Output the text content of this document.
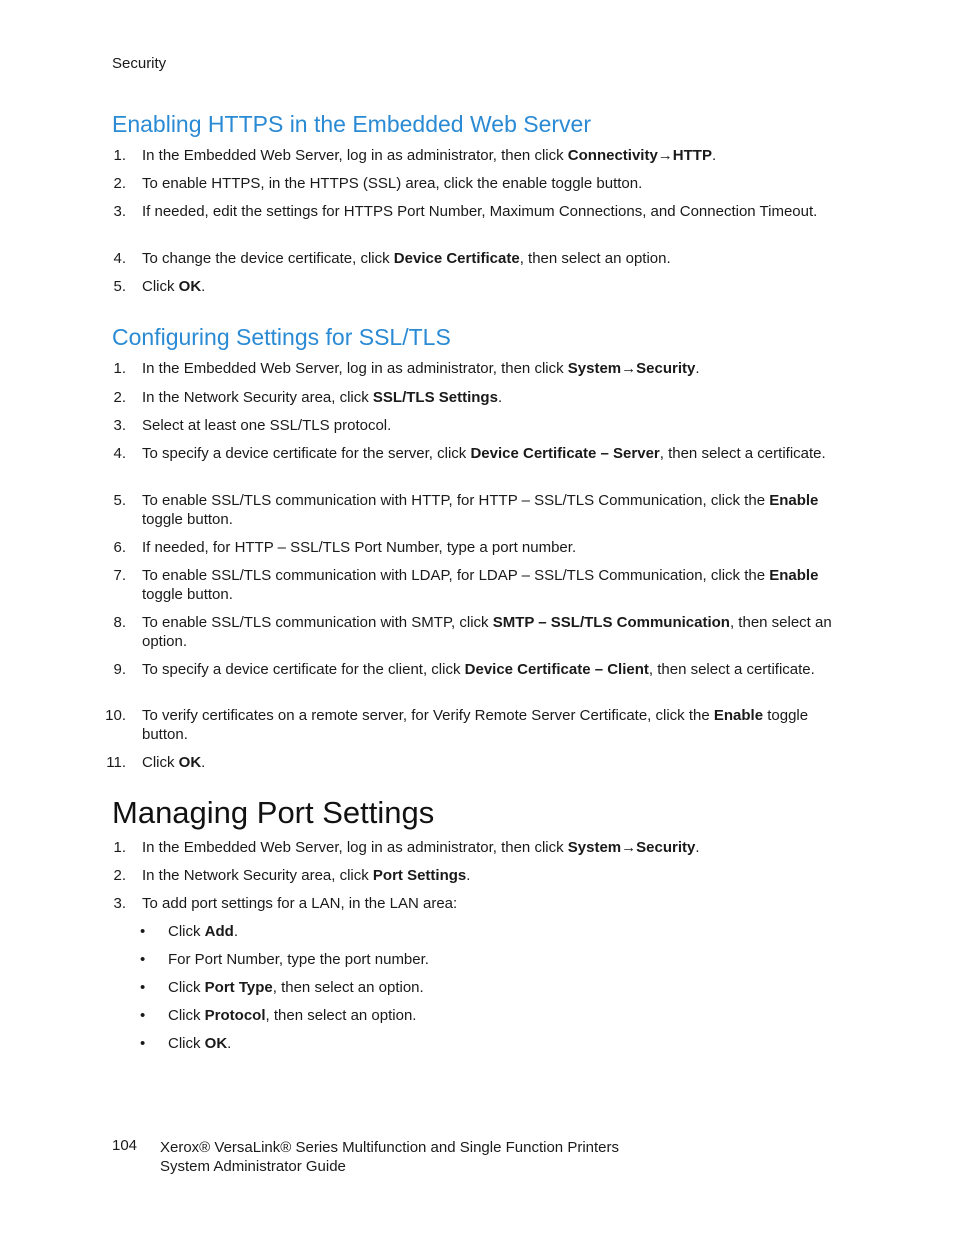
Security
Enabling HTTPS in the Embedded Web Server
1. In the Embedded Web Server, log in as administrator, then click Connectivity→HTTP.
2. To enable HTTPS, in the HTTPS (SSL) area, click the enable toggle button.
3. If needed, edit the settings for HTTPS Port Number, Maximum Connections, and Connection Timeout.
4. To change the device certificate, click Device Certificate, then select an option.
5. Click OK.
Configuring Settings for SSL/TLS
1. In the Embedded Web Server, log in as administrator, then click System→Security.
2. In the Network Security area, click SSL/TLS Settings.
3. Select at least one SSL/TLS protocol.
4. To specify a device certificate for the server, click Device Certificate – Server, then select a certificate.
5. To enable SSL/TLS communication with HTTP, for HTTP – SSL/TLS Communication, click the Enable toggle button.
6. If needed, for HTTP – SSL/TLS Port Number, type a port number.
7. To enable SSL/TLS communication with LDAP, for LDAP – SSL/TLS Communication, click the Enable toggle button.
8. To enable SSL/TLS communication with SMTP, click SMTP – SSL/TLS Communication, then select an option.
9. To specify a device certificate for the client, click Device Certificate – Client, then select a certificate.
10. To verify certificates on a remote server, for Verify Remote Server Certificate, click the Enable toggle button.
11. Click OK.
Managing Port Settings
1. In the Embedded Web Server, log in as administrator, then click System→Security.
2. In the Network Security area, click Port Settings.
3. To add port settings for a LAN, in the LAN area:
• Click Add.
• For Port Number, type the port number.
• Click Port Type, then select an option.
• Click Protocol, then select an option.
• Click OK.
104 Xerox® VersaLink® Series Multifunction and Single Function Printers
System Administrator Guide
